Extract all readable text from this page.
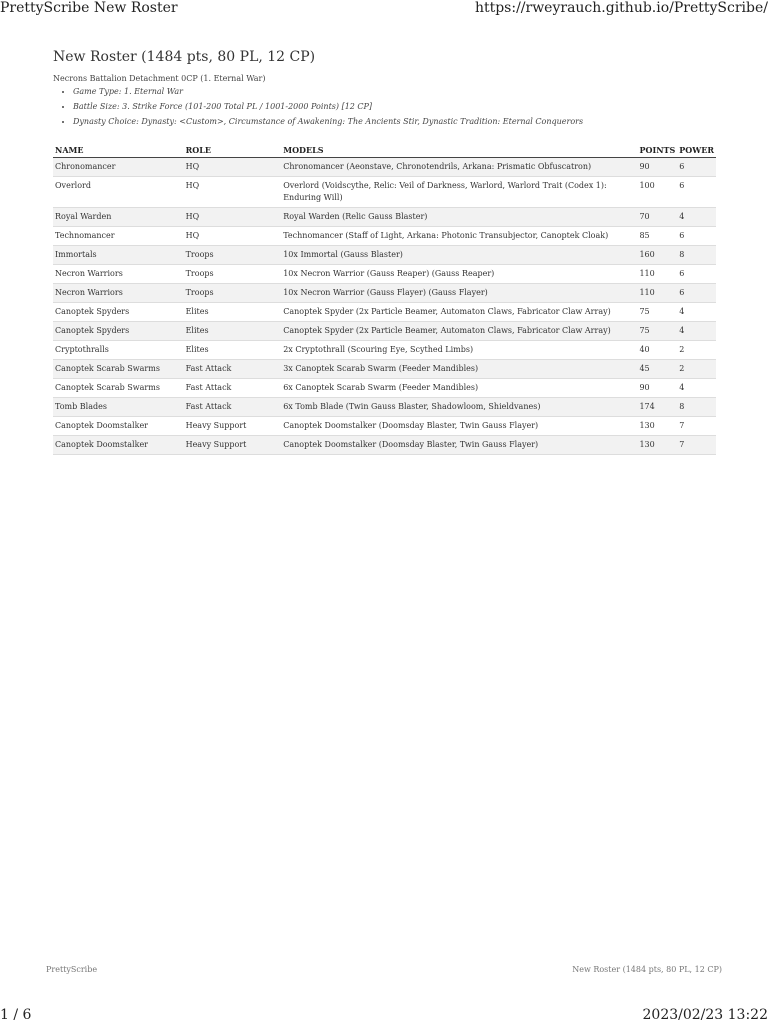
PrettyScribe New Roster	https://rweyrauch.github.io/PrettyScribe/
New Roster (1484 pts, 80 PL, 12 CP)
Necrons Battalion Detachment 0CP (1. Eternal War)
• Game Type: 1. Eternal War
• Battle Size: 3. Strike Force (101-200 Total PL / 1001-2000 Points) [12 CP]
• Dynasty Choice: Dynasty: <Custom>, Circumstance of Awakening: The Ancients Stir, Dynastic Tradition: Eternal Conquerors
NAME	ROLE	MODELS	POINTS	POWER
Chronomancer	HQ	Chronomancer (Aeonstave, Chronotendrils, Arkana: Prismatic Obfuscatron)	90	6
Overlord	HQ	Overlord (Voidscythe, Relic: Veil of Darkness, Warlord, Warlord Trait (Codex 1): Enduring Will)	100	6
Royal Warden	HQ	Royal Warden (Relic Gauss Blaster)	70	4
Technomancer	HQ	Technomancer (Staff of Light, Arkana: Photonic Transubjector, Canoptek Cloak)	85	6
Immortals	Troops	10x Immortal (Gauss Blaster)	160	8
Necron Warriors	Troops	10x Necron Warrior (Gauss Reaper) (Gauss Reaper)	110	6
Necron Warriors	Troops	10x Necron Warrior (Gauss Flayer) (Gauss Flayer)	110	6
Canoptek Spyders	Elites	Canoptek Spyder (2x Particle Beamer, Automaton Claws, Fabricator Claw Array)	75	4
Canoptek Spyders	Elites	Canoptek Spyder (2x Particle Beamer, Automaton Claws, Fabricator Claw Array)	75	4
Cryptothralls	Elites	2x Cryptothrall (Scouring Eye, Scythed Limbs)	40	2
Canoptek Scarab Swarms	Fast Attack	3x Canoptek Scarab Swarm (Feeder Mandibles)	45	2
Canoptek Scarab Swarms	Fast Attack	6x Canoptek Scarab Swarm (Feeder Mandibles)	90	4
Tomb Blades	Fast Attack	6x Tomb Blade (Twin Gauss Blaster, Shadowloom, Shieldvanes)	174	8
Canoptek Doomstalker	Heavy Support	Canoptek Doomstalker (Doomsday Blaster, Twin Gauss Flayer)	130	7
Canoptek Doomstalker	Heavy Support	Canoptek Doomstalker (Doomsday Blaster, Twin Gauss Flayer)	130	7
PrettyScribe	New Roster (1484 pts, 80 PL, 12 CP)
1 / 6	2023/02/23 13:22
